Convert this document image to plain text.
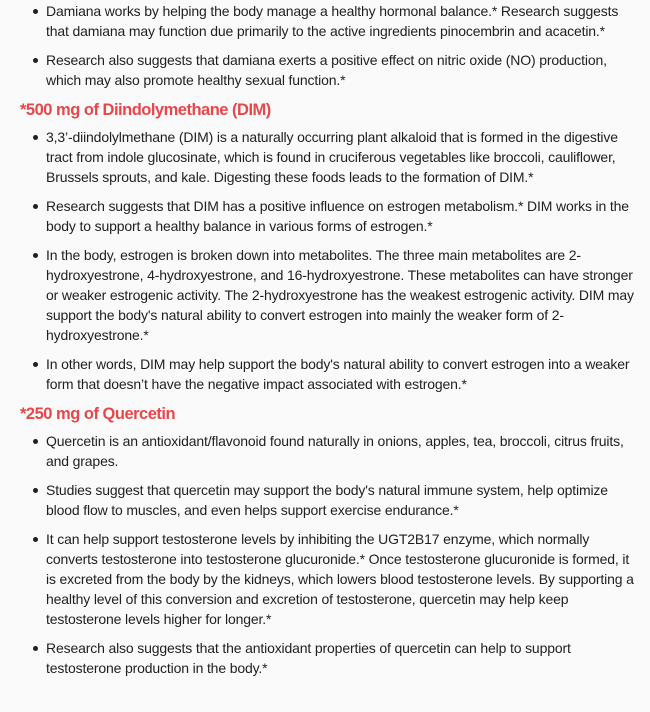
Damiana works by helping the body manage a healthy hormonal balance.* Research suggests that damiana may function due primarily to the active ingredients pinocembrin and acacetin.*
Research also suggests that damiana exerts a positive effect on nitric oxide (NO) production, which may also promote healthy sexual function.*
*500 mg of Diindolymethane (DIM)
3,3’-diindolylmethane (DIM) is a naturally occurring plant alkaloid that is formed in the digestive tract from indole glucosinate, which is found in cruciferous vegetables like broccoli, cauliflower, Brussels sprouts, and kale. Digesting these foods leads to the formation of DIM.*
Research suggests that DIM has a positive influence on estrogen metabolism.* DIM works in the body to support a healthy balance in various forms of estrogen.*
In the body, estrogen is broken down into metabolites. The three main metabolites are 2-hydroxyestrone, 4-hydroxyestrone, and 16-hydroxyestrone. These metabolites can have stronger or weaker estrogenic activity. The 2-hydroxyestrone has the weakest estrogenic activity. DIM may support the body's natural ability to convert estrogen into mainly the weaker form of 2-hydroxyestrone.*
In other words, DIM may help support the body's natural ability to convert estrogen into a weaker form that doesn’t have the negative impact associated with estrogen.*
*250 mg of Quercetin
Quercetin is an antioxidant/flavonoid found naturally in onions, apples, tea, broccoli, citrus fruits, and grapes.
Studies suggest that quercetin may support the body's natural immune system, help optimize blood flow to muscles, and even helps support exercise endurance.*
It can help support testosterone levels by inhibiting the UGT2B17 enzyme, which normally converts testosterone into testosterone glucuronide.* Once testosterone glucuronide is formed, it is excreted from the body by the kidneys, which lowers blood testosterone levels. By supporting a healthy level of this conversion and excretion of testosterone, quercetin may help keep testosterone levels higher for longer.*
Research also suggests that the antioxidant properties of quercetin can help to support testosterone production in the body.*
